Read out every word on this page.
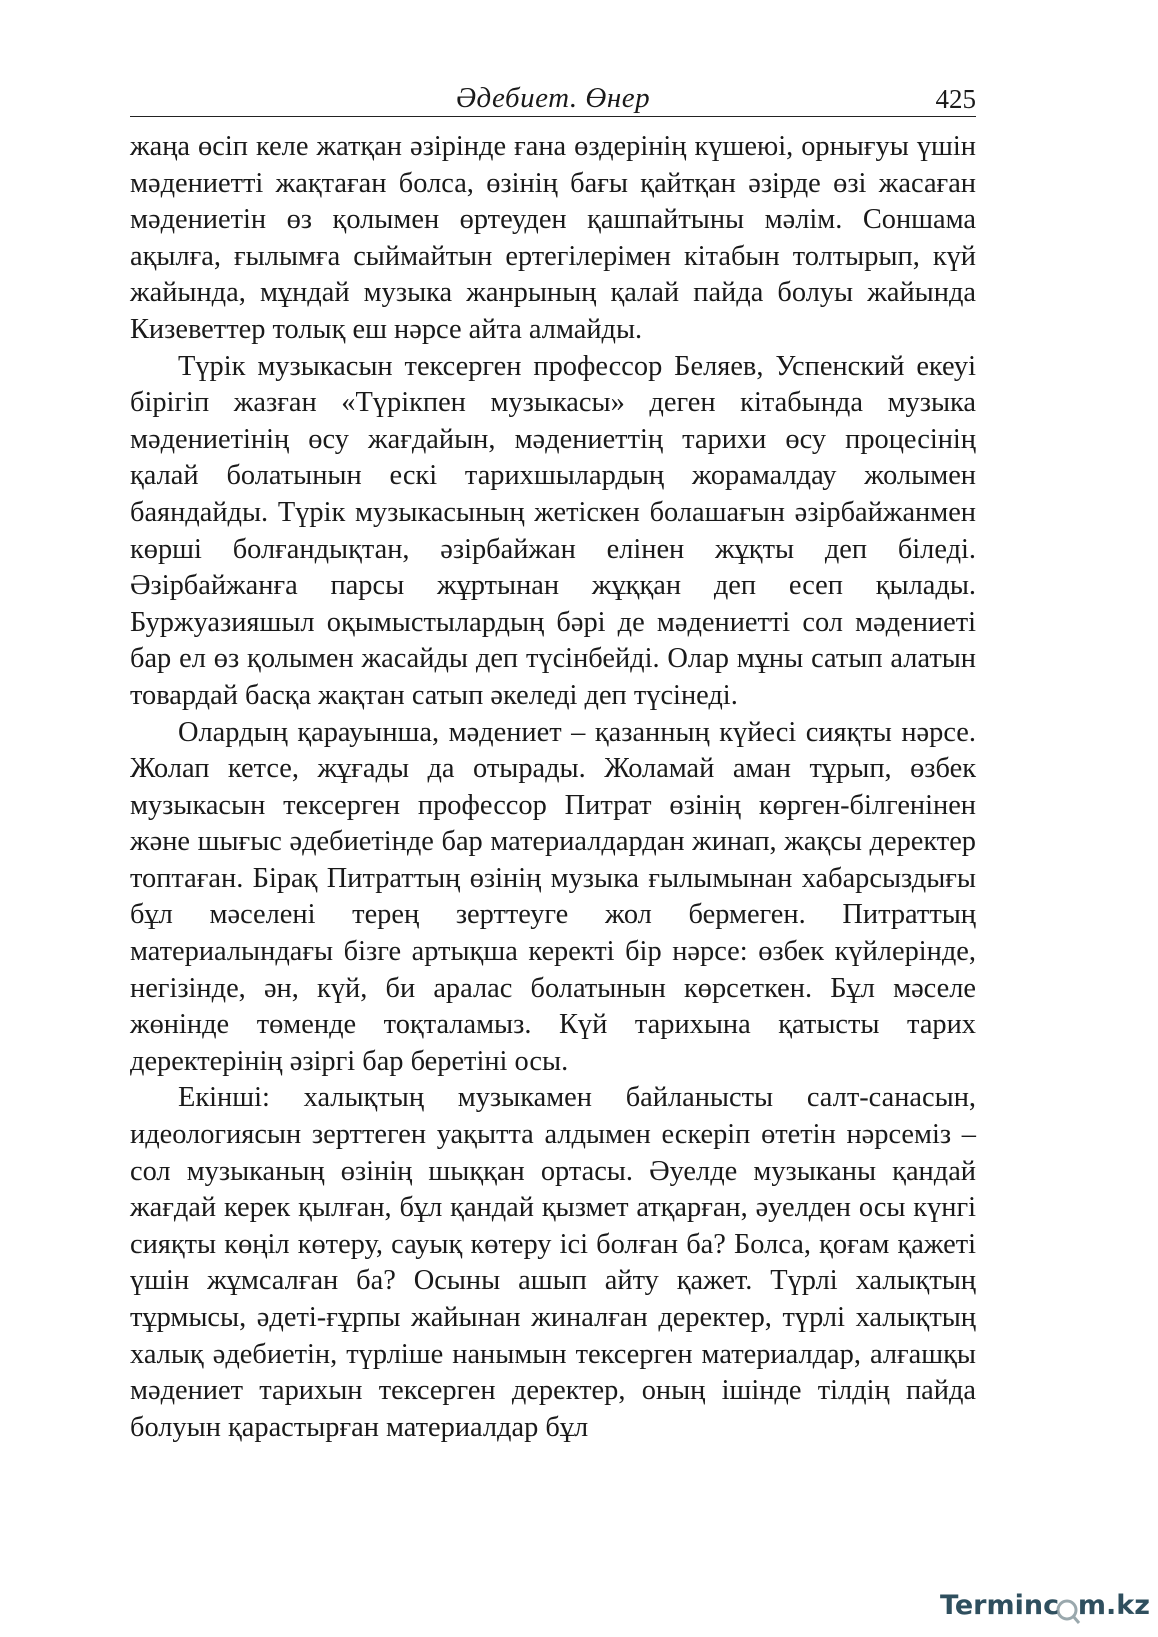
Әдебиет. Өнер	425

жаңа өсіп келе жатқан әзірінде ғана өздерінің күшеюі, орнығуы үшін мәдениетті жақтаған болса, өзінің бағы қайтқан әзірде өзі жасаған мәдениетін өз қолымен өртеуден қашпайтыны мәлім. Соншама ақылға, ғылымға сыймайтын ертегілерімен кітабын толтырып, күй жайында, мұндай музыка жанрының қалай пайда болуы жайында Кизеветтер толық еш нәрсе айта алмайды.

Түрік музыкасын тексерген профессор Беляев, Успенский екеуі бірігіп жазған «Түрікпен музыкасы» деген кітабында музыка мәдениетінің өсу жағдайын, мәдениеттің тарихи өсу процесінің қалай болатынын ескі тарихшылардың жорамалдау жолымен баяндайды. Түрік музыкасының жетіскен болашағын әзірбайжанмен көрші болғандықтан, әзірбайжан елінен жұқты деп біледі. Әзірбайжанға парсы жұртынан жұққан деп есеп қылады. Буржуазияшыл оқымыстылардың бәрі де мәдениетті сол мәдениеті бар ел өз қолымен жасайды деп түсінбейді. Олар мұны сатып алатын товардай басқа жақтан сатып әкеледі деп түсінеді.

Олардың қарауынша, мәдениет – қазанның күйесі сияқты нәрсе. Жолап кетсе, жұғады да отырады. Жоламай аман тұрып, өзбек музыкасын тексерген профессор Питрат өзінің көрген-білгенінен және шығыс әдебиетінде бар материалдардан жинап, жақсы деректер топтаған. Бірақ Питраттың өзінің музыка ғылымынан хабарсыздығы бұл мәселені терең зерттеуге жол бермеген. Питраттың материалындағы бізге артықша керекті бір нәрсе: өзбек күйлерінде, негізінде, ән, күй, би аралас болатынын көрсеткен. Бұл мәселе жөнінде төменде тоқталамыз. Күй тарихына қатысты тарих деректерінің әзіргі бар беретіні осы.

Екінші: халықтың музыкамен байланысты салт-санасын, идеологиясын зерттеген уақытта алдымен ескеріп өтетін нәрсеміз – сол музыканың өзінің шыққан ортасы. Әуелде музыканы қандай жағдай керек қылған, бұл қандай қызмет атқарған, әуелден осы күнгі сияқты көңіл көтеру, сауық көтеру ісі болған ба? Болса, қоғам қажеті үшін жұмсалған ба? Осыны ашып айту қажет. Түрлі халықтың тұрмысы, әдеті-ғұрпы жайынан жиналған деректер, түрлі халықтың халық әдебиетін, түрліше нанымын тексерген материалдар, алғашқы мәдениет тарихын тексерген деректер, оның ішінде тілдің пайда болуын қарастырған материалдар бұл

Terminc  m.kz
